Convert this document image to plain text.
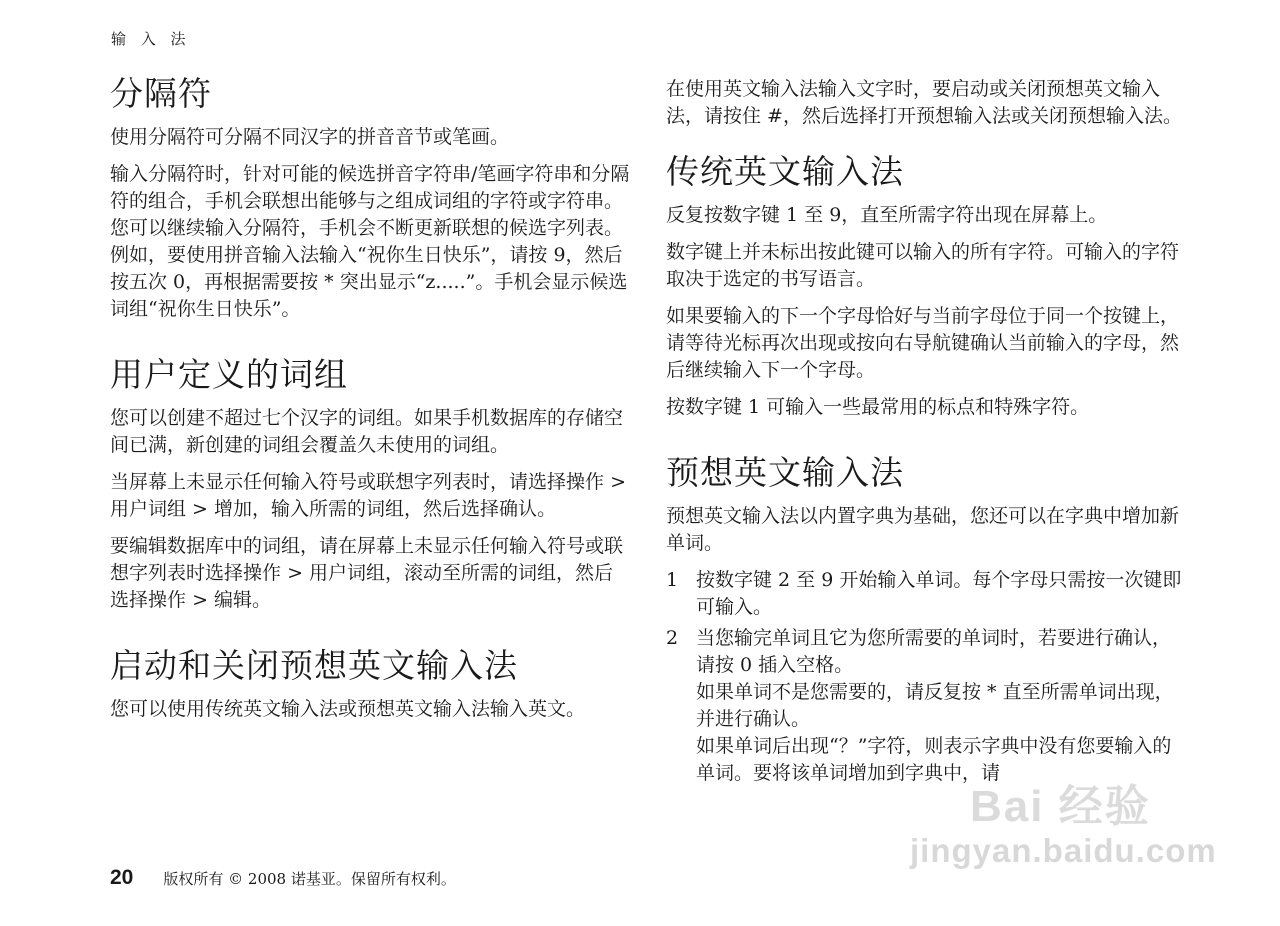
输 入 法
分隔符

使用分隔符可分隔不同汉字的拼音音节或笔画。

输入分隔符时，针对可能的候选拼音字符串/笔画字符串和分隔符的组合，手机会联想出能够与之组成词组的字符或字符串。您可以继续输入分隔符，手机会不断更新联想的候选字列表。例如，要使用拼音输入法输入“祝你生日快乐”，请按 9，然后按五次 0，再根据需要按 * 突出显示“z.....”。手机会显示候选词组“祝你生日快乐”。

用户定义的词组

您可以创建不超过七个汉字的词组。如果手机数据库的存储空间已满，新创建的词组会覆盖久未使用的词组。

当屏幕上未显示任何输入符号或联想字列表时，请选择操作 > 用户词组 > 增加，输入所需的词组，然后选择确认。

要编辑数据库中的词组，请在屏幕上未显示任何输入符号或联想字列表时选择操作 > 用户词组，滚动至所需的词组，然后选择操作 > 编辑。

启动和关闭预想英文输入法

您可以使用传统英文输入法或预想英文输入法输入英文。

在使用英文输入法输入文字时，要启动或关闭预想英文输入法，请按住 #，然后选择打开预想输入法或关闭预想输入法。

传统英文输入法

反复按数字键 1 至 9，直至所需字符出现在屏幕上。

数字键上并未标出按此键可以输入的所有字符。可输入的字符取决于选定的书写语言。

如果要输入的下一个字母恰好与当前字母位于同一个按键上，请等待光标再次出现或按向右导航键确认当前输入的字母，然后继续输入下一个字母。

按数字键 1 可输入一些最常用的标点和特殊字符。

预想英文输入法

预想英文输入法以内置字典为基础，您还可以在字典中增加新单词。

1 按数字键 2 至 9 开始输入单词。每个字母只需按一次键即可输入。
2 当您输完单词且它为您所需要的单词时，若要进行确认，请按 0 插入空格。
如果单词不是您需要的，请反复按 * 直至所需单词出现，并进行确认。
如果单词后出现“？”字符，则表示字典中没有您要输入的单词。要将该单词增加到字典中，请
Bai 经验
jingyan.baidu.com
20 版权所有 © 2008 诺基亚。保留所有权利。
